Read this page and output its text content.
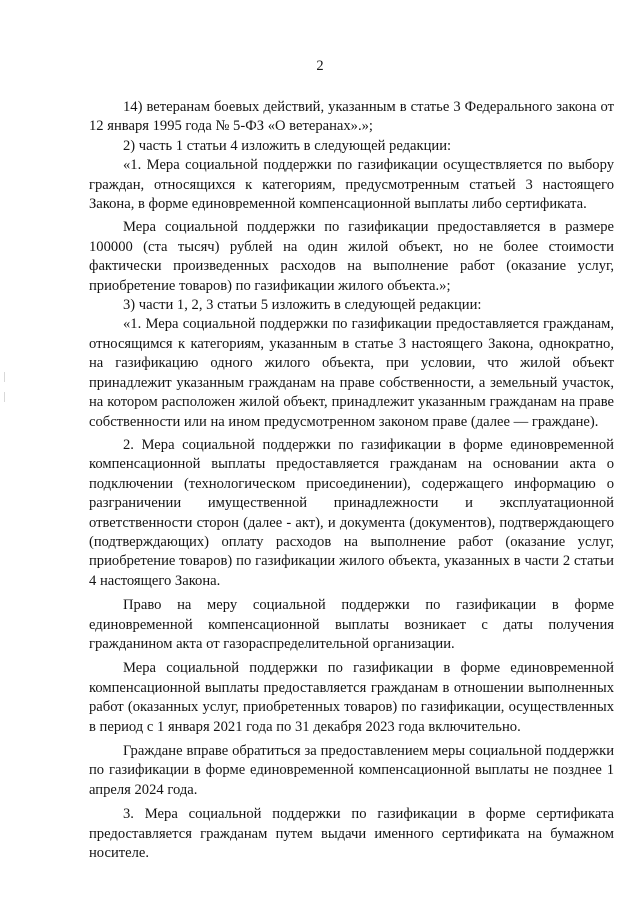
2

14) ветеранам боевых действий, указанным в статье 3 Федерального закона от 12 января 1995 года № 5-ФЗ «О ветеранах».»;

2) часть 1 статьи 4 изложить в следующей редакции:

«1. Мера социальной поддержки по газификации осуществляется по выбору граждан, относящихся к категориям, предусмотренным статьей 3 настоящего Закона, в форме единовременной компенсационной выплаты либо сертификата.

Мера социальной поддержки по газификации предоставляется в размере 100000 (ста тысяч) рублей на один жилой объект, но не более стоимости фактически произведенных расходов на выполнение работ (оказание услуг, приобретение товаров) по газификации жилого объекта.»;

3) части 1, 2, 3 статьи 5 изложить в следующей редакции:

«1. Мера социальной поддержки по газификации предоставляется гражданам, относящимся к категориям, указанным в статье 3 настоящего Закона, однократно, на газификацию одного жилого объекта, при условии, что жилой объект принадлежит указанным гражданам на праве собственности, а земельный участок, на котором расположен жилой объект, принадлежит указанным гражданам на праве собственности или на ином предусмотренном законом праве (далее — граждане).

2. Мера социальной поддержки по газификации в форме единовременной компенсационной выплаты предоставляется гражданам на основании акта о подключении (технологическом присоединении), содержащего информацию о разграничении имущественной принадлежности и эксплуатационной ответственности сторон (далее - акт), и документа (документов), подтверждающего (подтверждающих) оплату расходов на выполнение работ (оказание услуг, приобретение товаров) по газификации жилого объекта, указанных в части 2 статьи 4 настоящего Закона.

Право на меру социальной поддержки по газификации в форме единовременной компенсационной выплаты возникает с даты получения гражданином акта от газораспределительной организации.

Мера социальной поддержки по газификации в форме единовременной компенсационной выплаты предоставляется гражданам в отношении выполненных работ (оказанных услуг, приобретенных товаров) по газификации, осуществленных в период с 1 января 2021 года по 31 декабря 2023 года включительно.

Граждане вправе обратиться за предоставлением меры социальной поддержки по газификации в форме единовременной компенсационной выплаты не позднее 1 апреля 2024 года.

3. Мера социальной поддержки по газификации в форме сертификата предоставляется гражданам путем выдачи именного сертификата на бумажном носителе.
